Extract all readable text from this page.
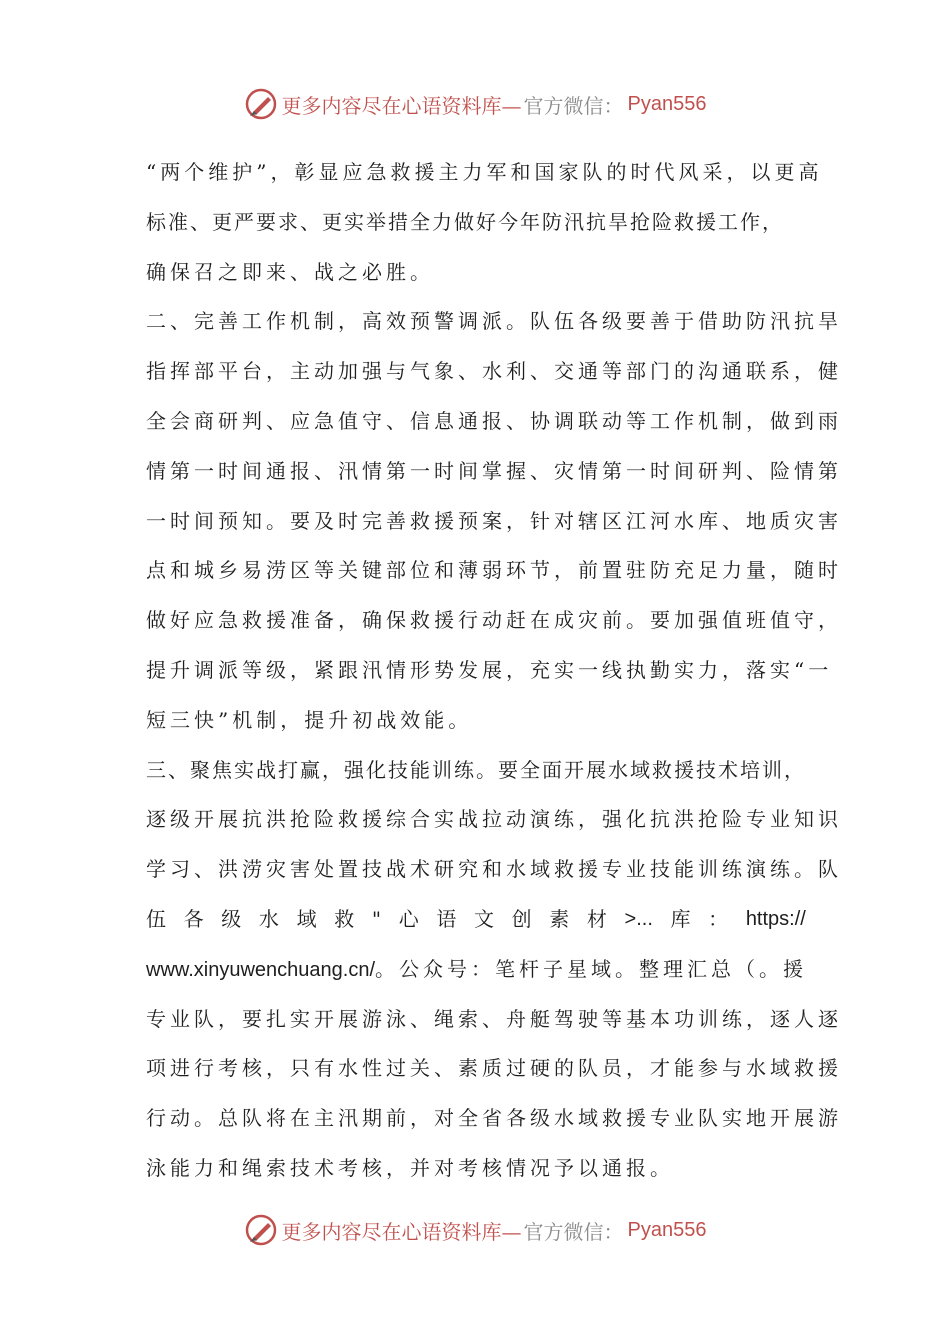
更多内容尽在心语资料库— 官方微信： Pyan556
“两个维护”，彰显应急救援主力军和国家队的时代风采，以更高
标准、更严要求、更实举措全力做好今年防汛抗旱抢险救援工作，
确保召之即来、战之必胜。
二、完善工作机制，高效预警调派。队伍各级要善于借助防汛抗旱
指挥部平台，主动加强与气象、水利、交通等部门的沟通联系，健
全会商研判、应急值守、信息通报、协调联动等工作机制，做到雨
情第一时间通报、汛情第一时间掌握、灾情第一时间研判、险情第
一时间预知。要及时完善救援预案，针对辖区江河水库、地质灾害
点和城乡易涝区等关键部位和薄弱环节，前置驻防充足力量，随时
做好应急救援准备，确保救援行动赶在成灾前。要加强值班值守，
提升调派等级，紧跟汛情形势发展，充实一线执勤实力，落实“一
短三快”机制，提升初战效能。
三、聚焦实战打赢，强化技能训练。要全面开展水域救援技术培训，
逐级开展抗洪抢险救援综合实战拉动演练，强化抗洪抢险专业知识
学习、洪涝灾害处置技战术研究和水域救援专业技能训练演练。队
伍 各 级 水 域 救 " 心 语 文 创 素 材 >... 库 ： https://
www.xinyuwenchuang.cn/。公众号：笔杆子星域。整理汇总（。援
专业队，要扎实开展游泳、绳索、舟艇驾驶等基本功训练，逐人逐
项进行考核，只有水性过关、素质过硬的队员，才能参与水域救援
行动。总队将在主汛期前，对全省各级水域救援专业队实地开展游
泳能力和绳索技术考核，并对考核情况予以通报。
更多内容尽在心语资料库— 官方微信： Pyan556
